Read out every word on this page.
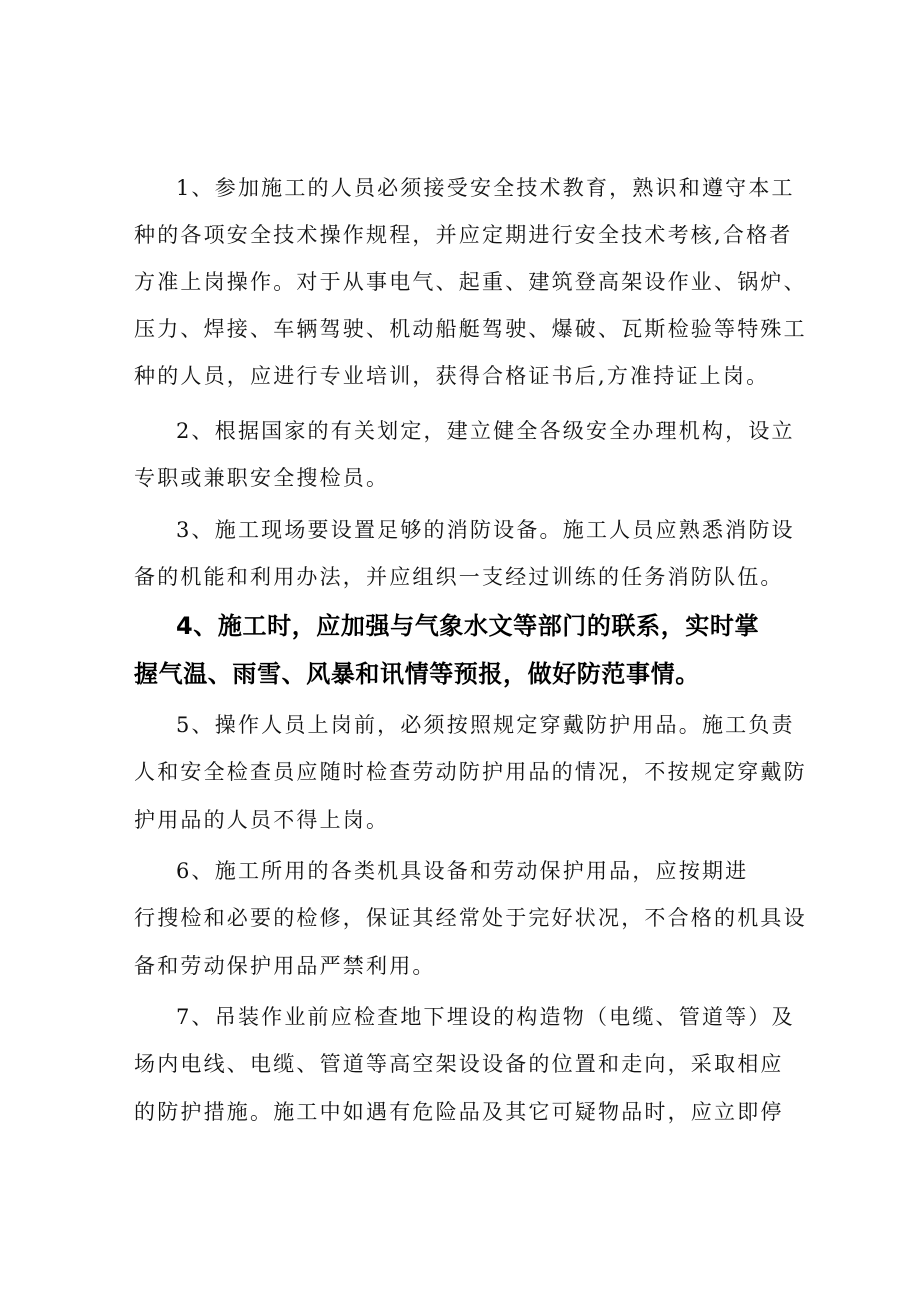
1、参加施工的人员必须接受安全技术教育，熟识和遵守本工

种的各项安全技术操作规程，并应定期进行安全技术考核,合格者

方准上岗操作。对于从事电气、起重、建筑登高架设作业、锅炉、

压力、焊接、车辆驾驶、机动船艇驾驶、爆破、瓦斯检验等特殊工

种的人员，应进行专业培训，获得合格证书后,方准持证上岗。

2、根据国家的有关划定，建立健全各级安全办理机构，设立

专职或兼职安全搜检员。

3、施工现场要设置足够的消防设备。施工人员应熟悉消防设

备的机能和利用办法，并应组织一支经过训练的任务消防队伍。

4、施工时，应加强与气象水文等部门的联系，实时掌

握气温、雨雪、风暴和讯情等预报，做好防范事情。

5、操作人员上岗前，必须按照规定穿戴防护用品。施工负责

人和安全检查员应随时检查劳动防护用品的情况，不按规定穿戴防

护用品的人员不得上岗。

6、施工所用的各类机具设备和劳动保护用品，应按期进

行搜检和必要的检修，保证其经常处于完好状况，不合格的机具设

备和劳动保护用品严禁利用。

7、吊装作业前应检查地下埋设的构造物（电缆、管道等）及

场内电线、电缆、管道等高空架设设备的位置和走向，采取相应

的防护措施。施工中如遇有危险品及其它可疑物品时，应立即停
